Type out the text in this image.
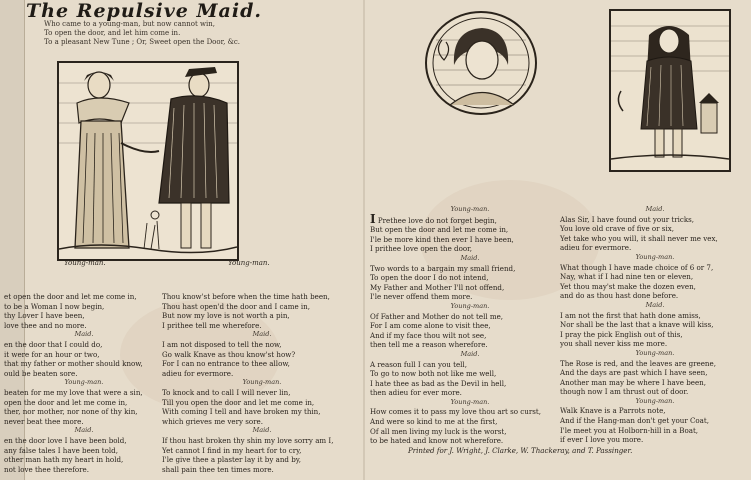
The Repulsive Maid.
Who came to a young-man, but now cannot win,
To open the door, and let him come in.
To a pleasant New Tune ; Or, Sweet open the Door, &c.
Young-man.	Young-man.
et open the door and let me come in,
to be a Woman I now begin,
thy Lover I have been,
love thee and no more.
Maid.
en the door that I could do,
it were for an hour or two,
that my father or mother should know,
ould be beaten sore.
Young-man.
beaten for me my love that were a sin,
open the door and let me come in,
ther, nor mother, nor none of thy kin,
never beat thee more.
Maid.
en the door love I have been bold,
any false tales I have been told,
other man hath my heart in hold,
not love thee therefore.
Thou know'st before when the time hath been,
Thou hast open'd the door and I came in,
But now my love is not worth a pin,
I prithee tell me wherefore.
Maid.
I am not disposed to tell the now,
Go walk Knave as thou know'st how?
For I can no entrance to thee allow,
adieu for evermore.
Young-man.
To knock and to call I will never lin,
Till you open the door and let me come in,
With coming I tell and have broken my thin,
which grieves me very sore.
Maid.
If thou hast broken thy shin my love sorry am I,
Yet cannot I find in my heart for to cry,
I'le give thee a plaster lay it by and by,
shall pain thee ten times more.
Young-man.
I Prethee love do not forget begin,
But open the door and let me come in,
I'le be more kind then ever I have been,
I prithee love open the door,
Maid.
Two words to a bargain my small friend,
To open the door I do not intend,
My Father and Mother I'll not offend,
I'le never offend them more.
Young-man.
Of Father and Mother do not tell me,
For I am come alone to visit thee,
And if my face thou wilt not see,
then tell me a reason wherefore.
Maid.
A reason full I can you tell,
To go to now both not like me well,
I hate thee as bad as the Devil in hell,
then adieu for ever more.
Young-man.
How comes it to pass my love thou art so curst,
And were so kind to me at the first,
Of all men living my luck is the worst,
to be hated and know not wherefore.
Printed for J. Wright, J. Clarke, W. Thackeray, and T. Passinger.
Maid.
Alas Sir, I have found out your tricks,
You love old crave of five or six,
Yet take who you will, it shall never me vex,
adieu for evermore.
Young-man.
What though I have made choice of 6 or 7,
Nay, what if I had nine ten or eleven,
Yet thou may'st make the dozen even,
and do as thou hast done before.
Maid.
I am not the first that hath done amiss,
Nor shall be the last that a knave will kiss,
I pray the pick English out of this,
you shall never kiss me more.
Young-man.
The Rose is red, and the leaves are greene,
And the days are past which I have seen,
Another man may be where I have been,
though now I am thrust out of door.
Young-man.
Walk Knave is a Parrots note,
And if the Hang-man don't get your Coat,
I'le meet you at Holborn-hill in a Boat,
if ever I love you more.
